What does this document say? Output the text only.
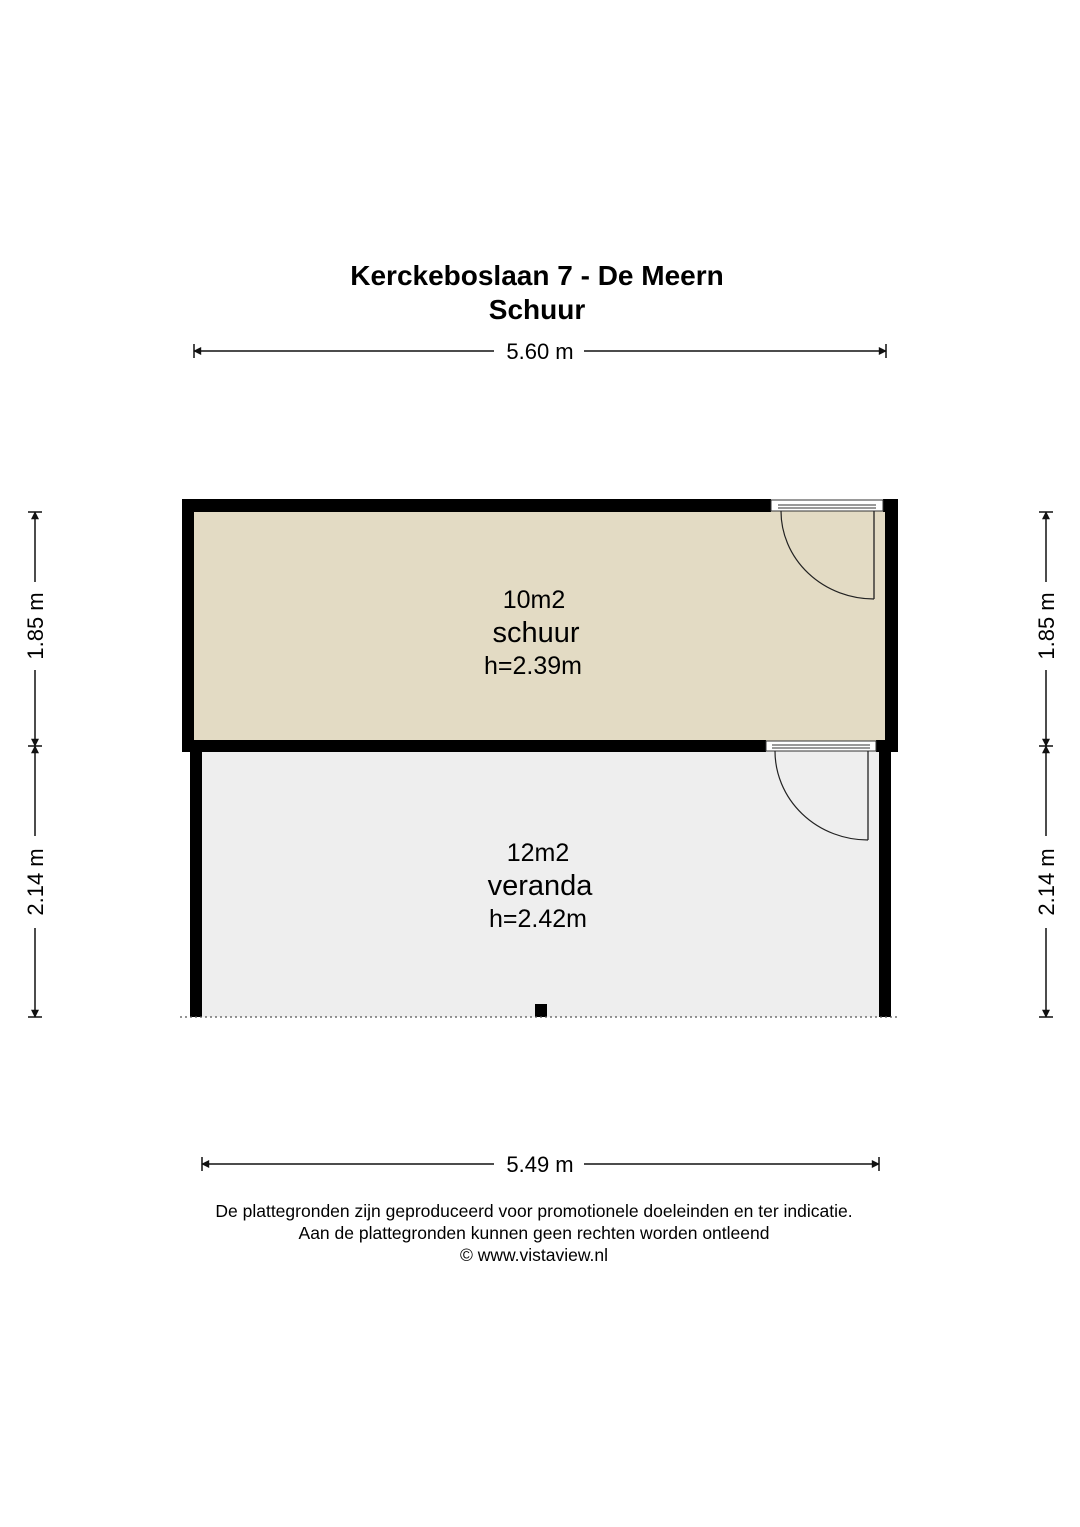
Kerckeboslaan 7 - De Meern
Schuur
5.60 m
10m2
schuur
h=2.39m
12m2
veranda
h=2.42m
1.85 m
2.14 m
1.85 m
2.14 m
5.49 m
De plattegronden zijn geproduceerd voor promotionele doeleinden en ter indicatie.
Aan de plattegronden kunnen geen rechten worden ontleend
© www.vistaview.nl
